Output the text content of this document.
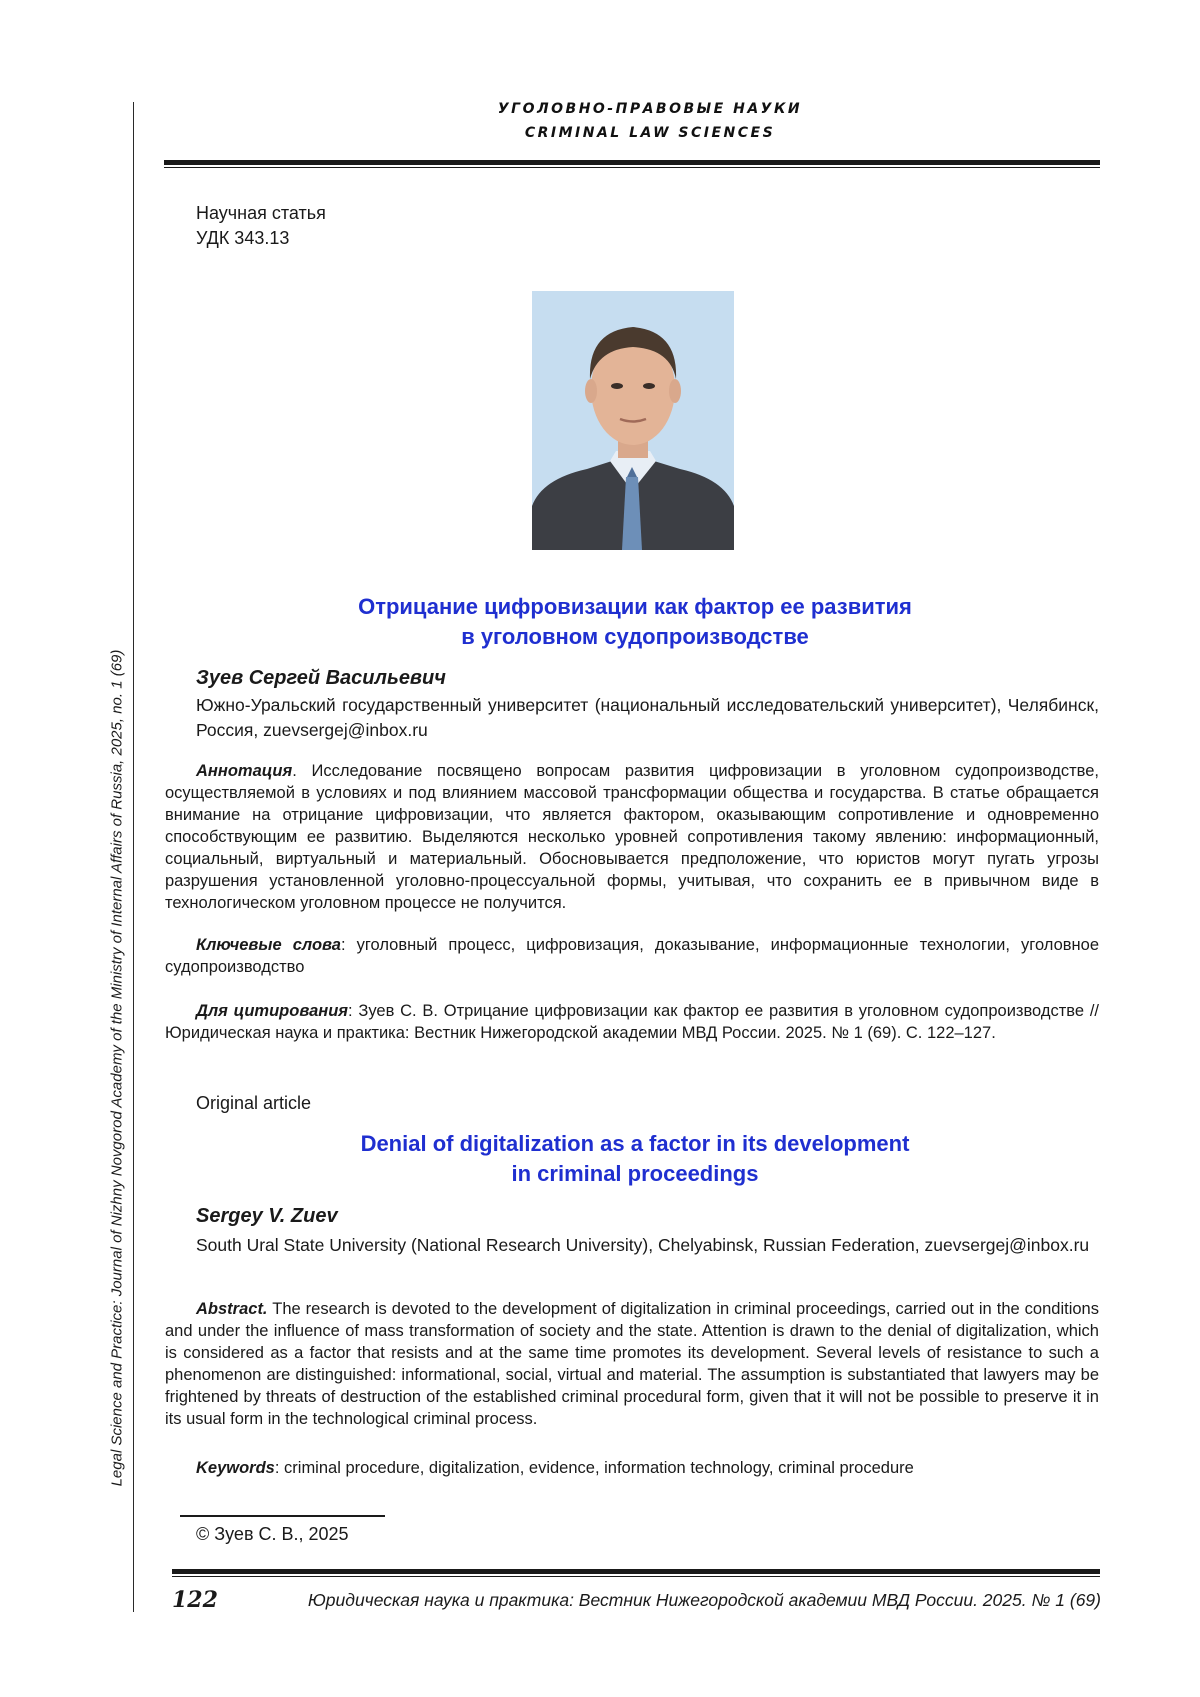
Legal Science and Practice: Journal of Nizhny Novgorod Academy of the Ministry of Internal Affairs of Russia, 2025, no. 1 (69)
УГОЛОВНО-ПРАВОВЫЕ НАУКИ
CRIMINAL LAW SCIENCES
Научная статья
УДК 343.13
Отрицание цифровизации как фактор ее развития
в уголовном судопроизводстве
Зуев Сергей Васильевич
Южно-Уральский государственный университет (национальный исследовательский университет), Челябинск, Россия, zuevsergej@inbox.ru
Аннотация. Исследование посвящено вопросам развития цифровизации в уголовном судопроизводстве, осуществляемой в условиях и под влиянием массовой трансформации общества и государства. В статье обращается внимание на отрицание цифровизации, что является фактором, оказывающим сопротивление и одновременно способствующим ее развитию. Выделяются несколько уровней сопротивления такому явлению: информационный, социальный, виртуальный и материальный. Обосновывается предположение, что юристов могут пугать угрозы разрушения установленной уголовно-процессуальной формы, учитывая, что сохранить ее в привычном виде в технологическом уголовном процессе не получится.
Ключевые слова: уголовный процесс, цифровизация, доказывание, информационные технологии, уголовное судопроизводство
Для цитирования: Зуев С. В. Отрицание цифровизации как фактор ее развития в уголовном судопроизводстве // Юридическая наука и практика: Вестник Нижегородской академии МВД России. 2025. № 1 (69). С. 122–127.
Original article
Denial of digitalization as a factor in its development
in criminal proceedings
Sergey V. Zuev
South Ural State University (National Research University), Chelyabinsk, Russian Federation, zuevsergej@inbox.ru
Abstract. The research is devoted to the development of digitalization in criminal proceedings, carried out in the conditions and under the influence of mass transformation of society and the state. Attention is drawn to the denial of digitalization, which is considered as a factor that resists and at the same time promotes its development. Several levels of resistance to such a phenomenon are distinguished: informational, social, virtual and material. The assumption is substantiated that lawyers may be frightened by threats of destruction of the established criminal procedural form, given that it will not be possible to preserve it in its usual form in the technological criminal process.
Keywords: criminal procedure, digitalization, evidence, information technology, criminal procedure
© Зуев С. В., 2025
122	Юридическая наука и практика: Вестник Нижегородской академии МВД России. 2025. № 1 (69)
